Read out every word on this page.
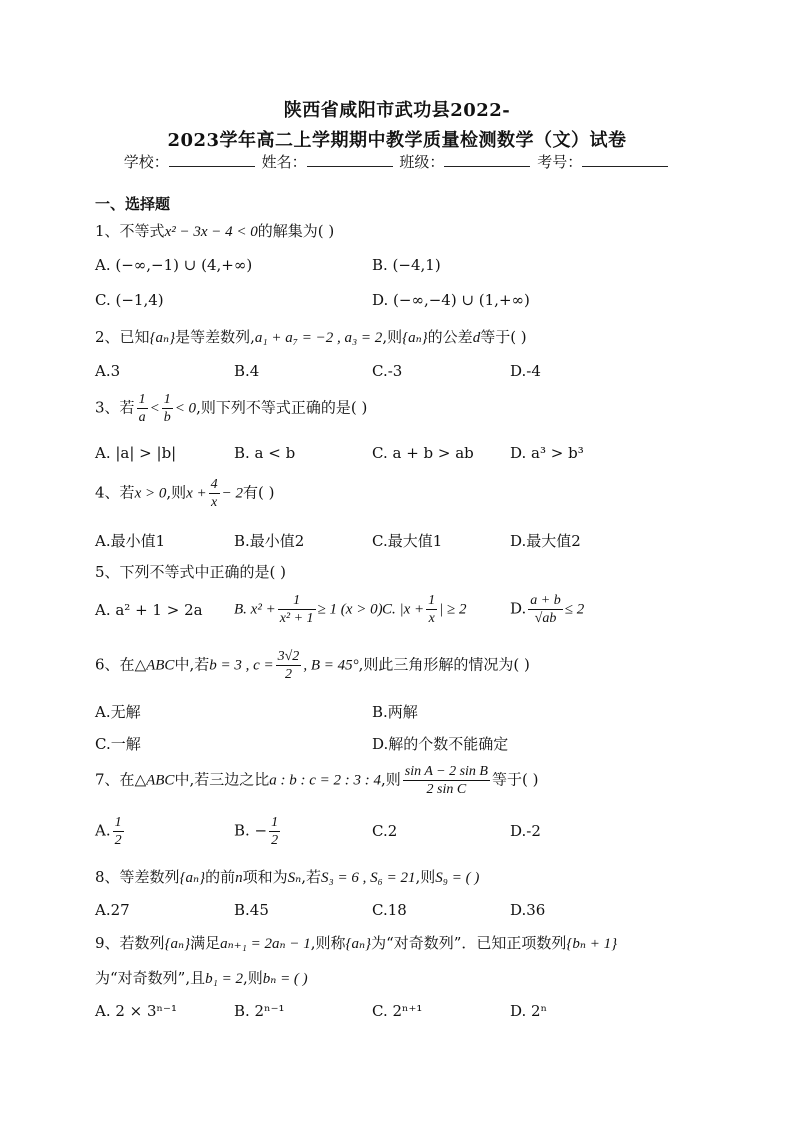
陕西省咸阳市武功县2022-
2023学年高二上学期期中教学质量检测数学（文）试卷
学校：	姓名：	班级：	考号：
一、选择题
1、不等式x² − 3x − 4 < 0的解集为( )
A. (−∞,−1) ∪ (4,+∞)	B. (−4,1)
C. (−1,4)	D. (−∞,−4) ∪ (1,+∞)
2、已知{aₙ}是等差数列,a₁ + a₇ = −2 , a₃ = 2,则{aₙ}的公差d等于( )
A.3	B.4	C.-3	D.-4
3、若 $\frac{1}{a} < \frac{1}{b} < 0$,则下列不等式正确的是( )
A. |a| > |b|	B. a < b	C. a + b > ab D. a³ > b³
4、若x > 0,则$x + \frac{4}{x} - 2$有( )
A.最小值1	B.最小值2	C.最大值1	D.最大值2
5、下列不等式中正确的是( )
A. a² + 1 > 2a B. $x^2 + \frac{1}{\text{x² + 1}} \ge 1$ (x > 0) C. $|x + \frac{1}{x}$ | ≥ 2	D. $\frac{a + b}{√ab} \le 2$
6、在△ABC中,若b = 3 , $c = \frac{3√2}{2}$ , B = 45°,则此三角形解的情况为( )
A.无解	B.两解
C.一解	D.解的个数不能确定
7、在△ABC中,若三边之比a : b : c = 2 : 3 : 4,则 $\frac{\text{sin A − 2 sin B}}{\text{2 sin C}}$ 等于( )
A. $\frac{1}{2}$	B. − $\frac{1}{2}$	C.2	D.-2
8、等差数列{aₙ}的前n项和为Sₙ,若S₃ = 6 , S₆ = 21,则S₉ = ( )
A.27	B.45	C.18	D.36
9、若数列{aₙ}满足aₙ₊₁ = 2aₙ − 1,则称{aₙ}为“对奇数列”．已知正项数列{bₙ + 1}
为“对奇数列”,且b₁ = 2,则bₙ = ( )
A. 2 × 3ⁿ⁻¹	B. 2ⁿ⁻¹	C. 2ⁿ⁺¹	D. 2ⁿ
